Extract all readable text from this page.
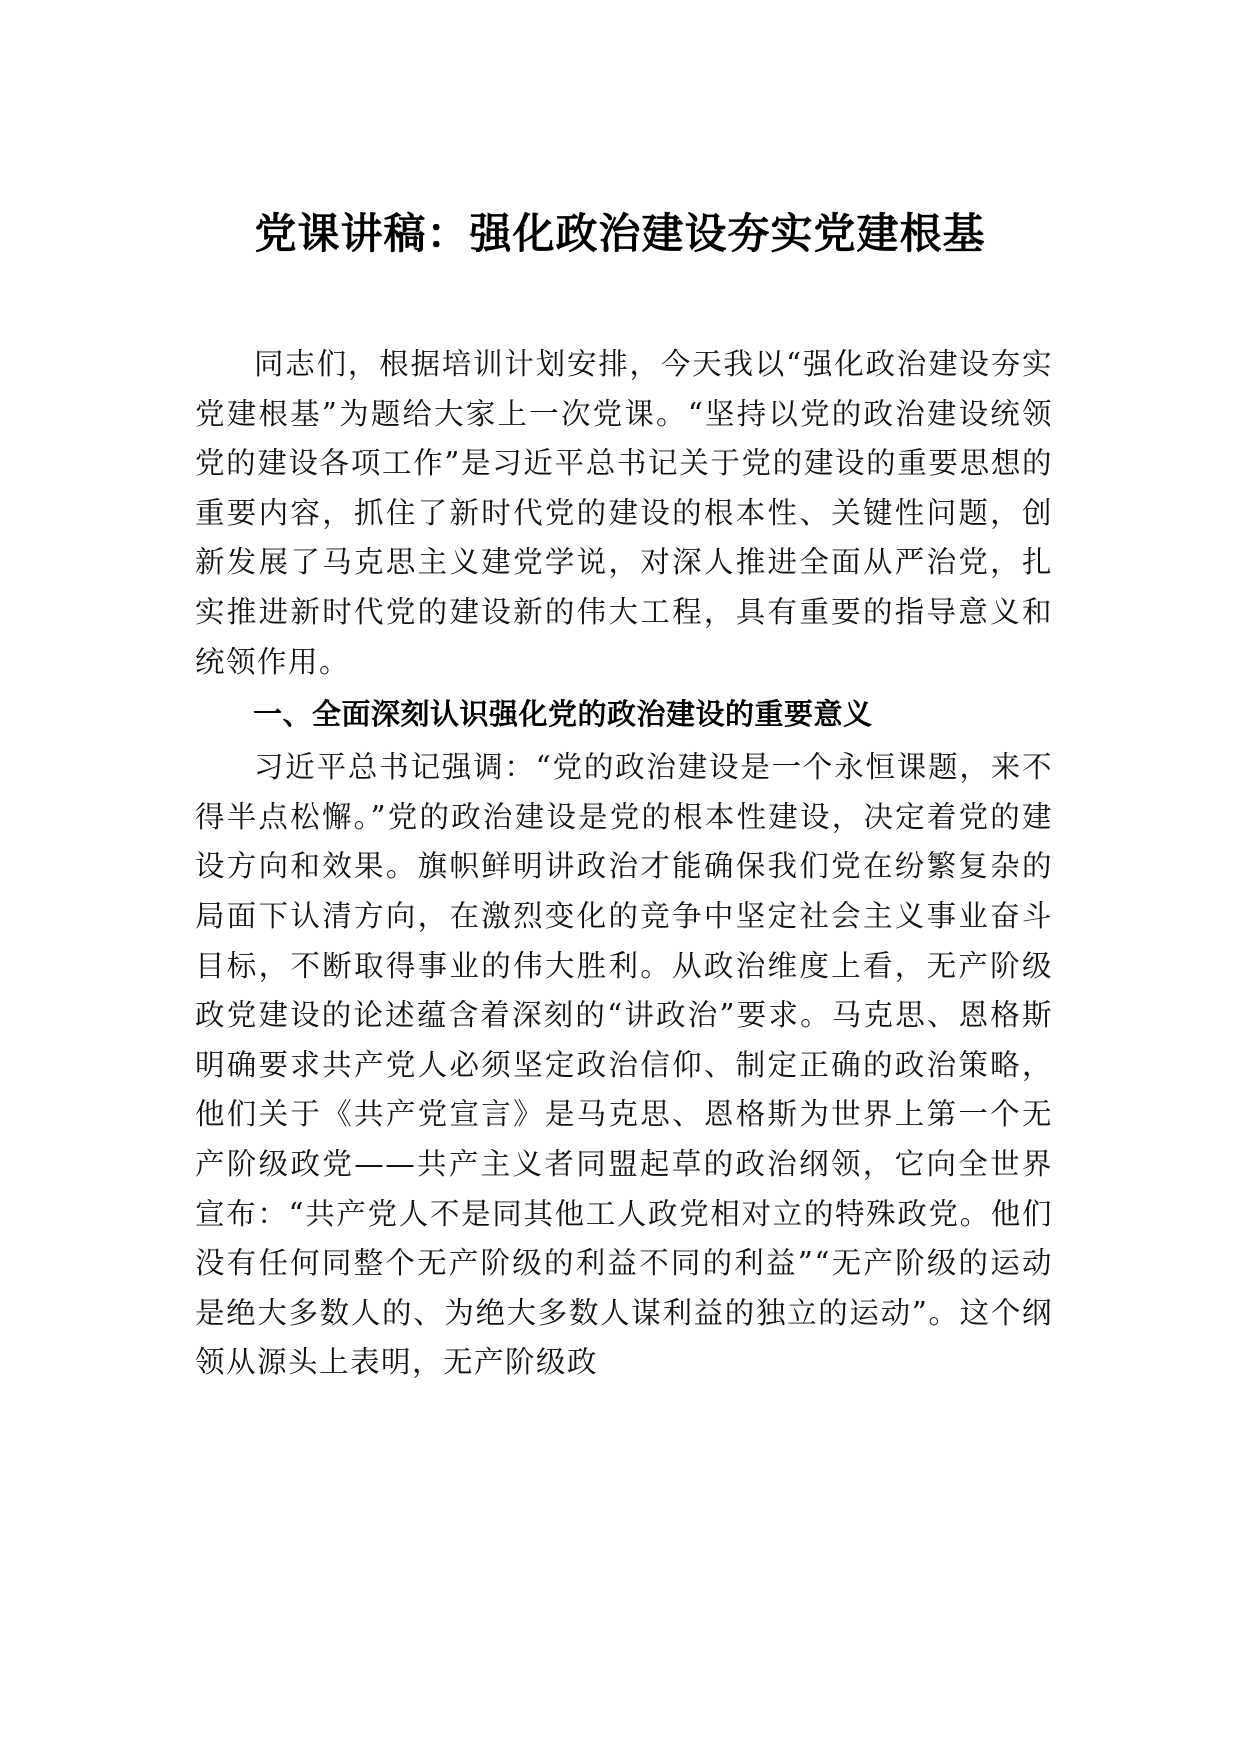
党课讲稿：强化政治建设夯实党建根基

同志们，根据培训计划安排，今天我以“强化政治建设夯实党建根基”为题给大家上一次党课。“坚持以党的政治建设统领党的建设各项工作”是习近平总书记关于党的建设的重要思想的重要内容，抓住了新时代党的建设的根本性、关键性问题，创新发展了马克思主义建党学说，对深人推进全面从严治党，扎实推进新时代党的建设新的伟大工程，具有重要的指导意义和统领作用。

一、全面深刻认识强化党的政治建设的重要意义

习近平总书记强调：“党的政治建设是一个永恒课题，来不得半点松懈。”党的政治建设是党的根本性建设，决定着党的建设方向和效果。旗帜鲜明讲政治才能确保我们党在纷繁复杂的局面下认清方向，在激烈变化的竞争中坚定社会主义事业奋斗目标，不断取得事业的伟大胜利。从政治维度上看，无产阶级政党建设的论述蕴含着深刻的“讲政治”要求。马克思、恩格斯明确要求共产党人必须坚定政治信仰、制定正确的政治策略，他们关于《共产党宣言》是马克思、恩格斯为世界上第一个无产阶级政党——共产主义者同盟起草的政治纲领，它向全世界宣布：“共产党人不是同其他工人政党相对立的特殊政党。他们没有任何同整个无产阶级的利益不同的利益”“无产阶级的运动是绝大多数人的、为绝大多数人谋利益的独立的运动”。这个纲领从源头上表明，无产阶级政
